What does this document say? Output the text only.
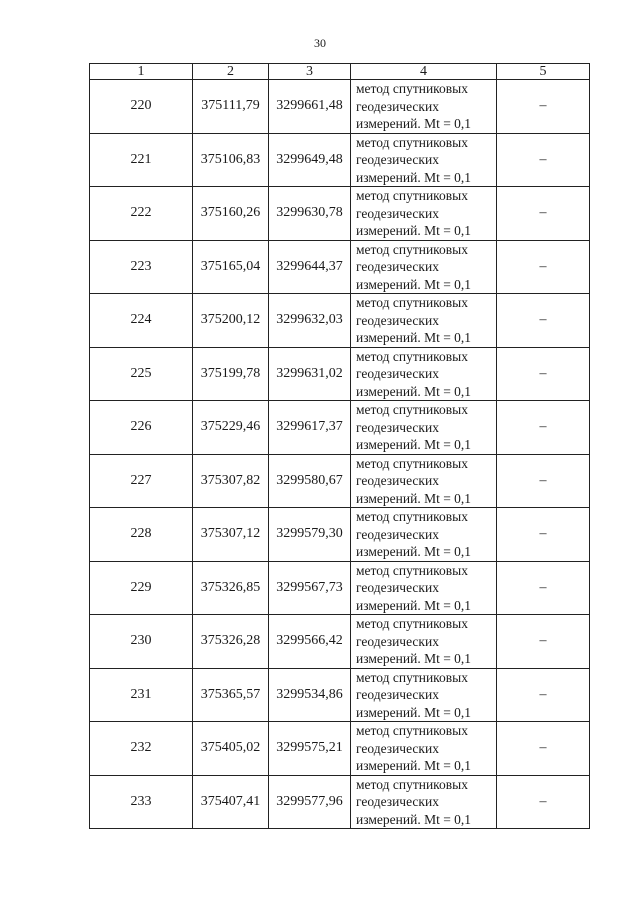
30
1	2	3	4	5
220	375111,79	3299661,48	метод спутниковых
геодезических
измерений. Mt = 0,1	–
221	375106,83	3299649,48	метод спутниковых
геодезических
измерений. Mt = 0,1	–
222	375160,26	3299630,78	метод спутниковых
геодезических
измерений. Mt = 0,1	–
223	375165,04	3299644,37	метод спутниковых
геодезических
измерений. Mt = 0,1	–
224	375200,12	3299632,03	метод спутниковых
геодезических
измерений. Mt = 0,1	–
225	375199,78	3299631,02	метод спутниковых
геодезических
измерений. Mt = 0,1	–
226	375229,46	3299617,37	метод спутниковых
геодезических
измерений. Mt = 0,1	–
227	375307,82	3299580,67	метод спутниковых
геодезических
измерений. Mt = 0,1	–
228	375307,12	3299579,30	метод спутниковых
геодезических
измерений. Mt = 0,1	–
229	375326,85	3299567,73	метод спутниковых
геодезических
измерений. Mt = 0,1	–
230	375326,28	3299566,42	метод спутниковых
геодезических
измерений. Mt = 0,1	–
231	375365,57	3299534,86	метод спутниковых
геодезических
измерений. Mt = 0,1	–
232	375405,02	3299575,21	метод спутниковых
геодезических
измерений. Mt = 0,1	–
233	375407,41	3299577,96	метод спутниковых
геодезических
измерений. Mt = 0,1	–
